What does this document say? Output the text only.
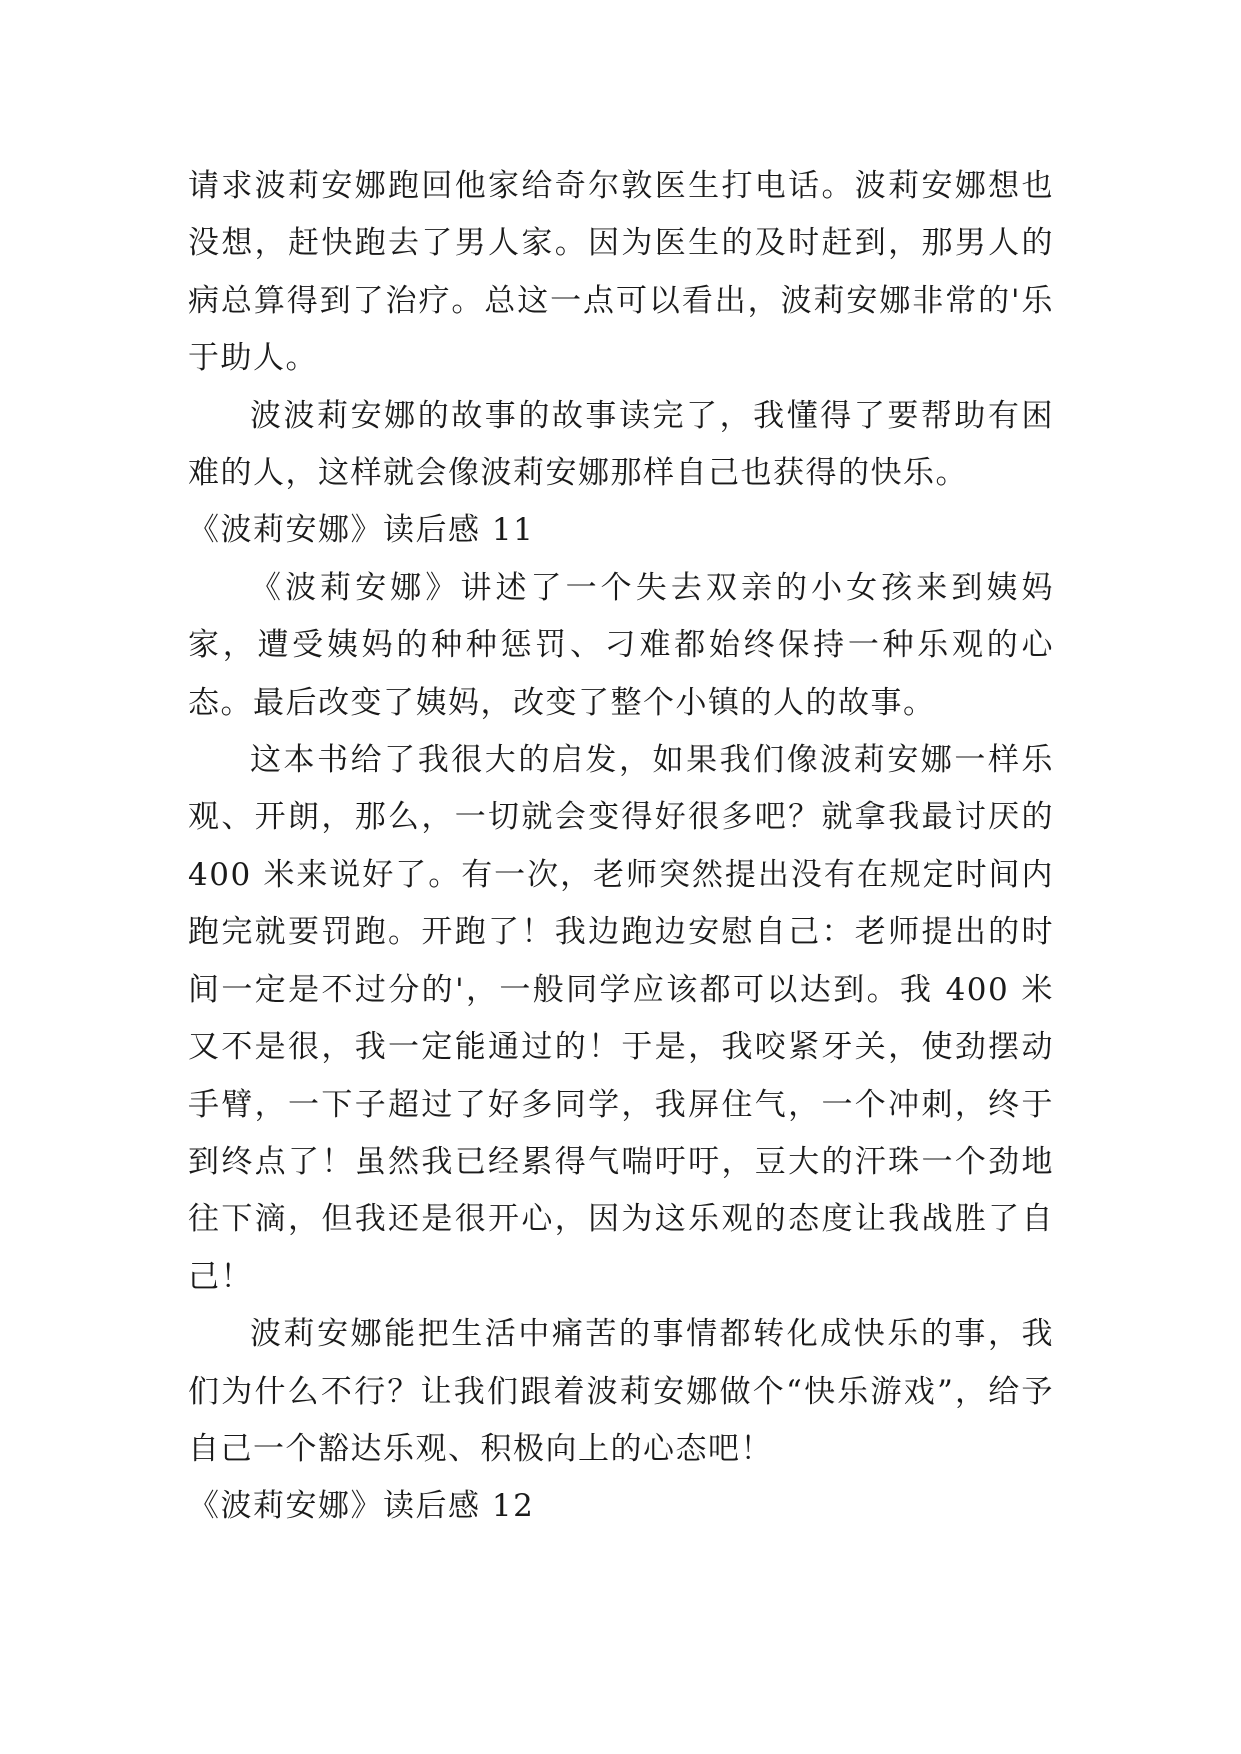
请求波莉安娜跑回他家给奇尔敦医生打电话。波莉安娜想也没想，赶快跑去了男人家。因为医生的及时赶到，那男人的病总算得到了治疗。总这一点可以看出，波莉安娜非常的'乐于助人。

波波莉安娜的故事的故事读完了，我懂得了要帮助有困难的人，这样就会像波莉安娜那样自己也获得的快乐。

《波莉安娜》读后感 11

《波莉安娜》讲述了一个失去双亲的小女孩来到姨妈家，遭受姨妈的种种惩罚、刁难都始终保持一种乐观的心态。最后改变了姨妈，改变了整个小镇的人的故事。

这本书给了我很大的启发，如果我们像波莉安娜一样乐观、开朗，那么，一切就会变得好很多吧？就拿我最讨厌的 400 米来说好了。有一次，老师突然提出没有在规定时间内跑完就要罚跑。开跑了！我边跑边安慰自己：老师提出的时间一定是不过分的'，一般同学应该都可以达到。我 400 米又不是很，我一定能通过的！于是，我咬紧牙关，使劲摆动手臂，一下子超过了好多同学，我屏住气，一个冲刺，终于到终点了！虽然我已经累得气喘吁吁，豆大的汗珠一个劲地往下滴，但我还是很开心，因为这乐观的态度让我战胜了自己！

波莉安娜能把生活中痛苦的事情都转化成快乐的事，我们为什么不行？让我们跟着波莉安娜做个“快乐游戏”，给予自己一个豁达乐观、积极向上的心态吧！

《波莉安娜》读后感 12
